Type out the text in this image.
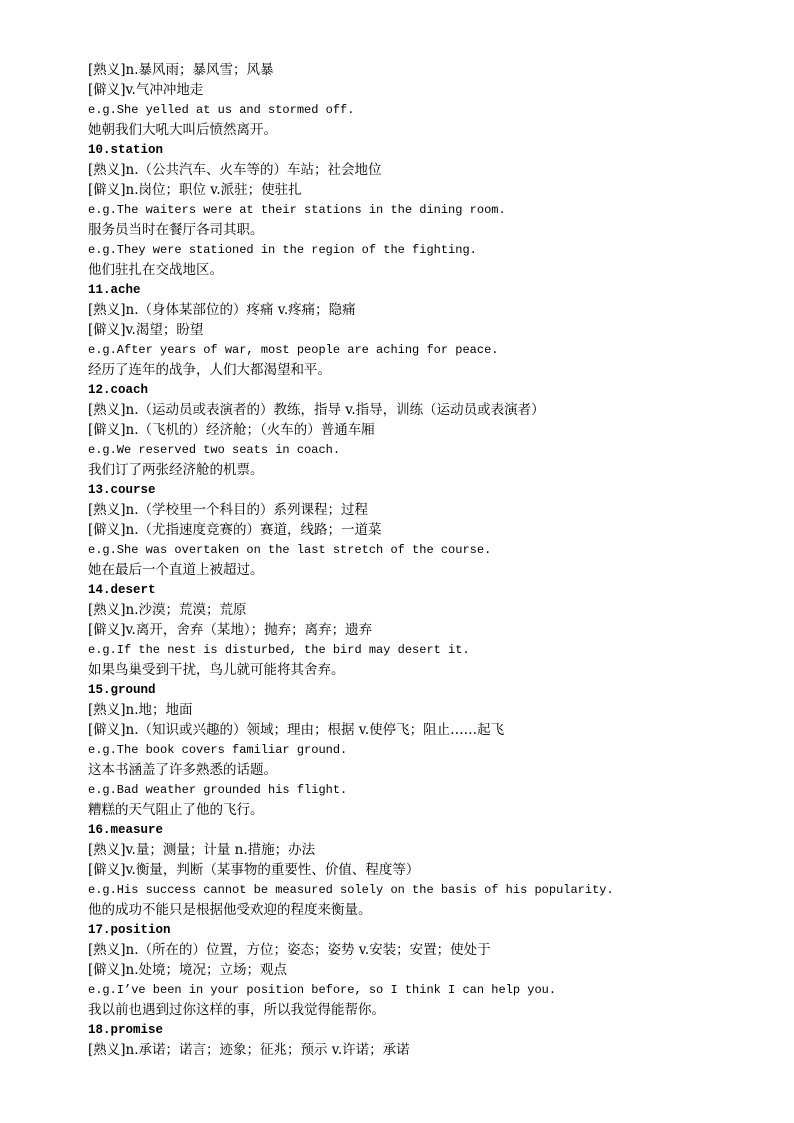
[熟义]n.暴风雨；暴风雪；风暴
[僻义]v.气冲冲地走
e.g.She yelled at us and stormed off.
她朝我们大吼大叫后愤然离开。
10.station
[熟义]n.（公共汽车、火车等的）车站；社会地位
[僻义]n.岗位；职位 v.派驻；使驻扎
e.g.The waiters were at their stations in the dining room.
服务员当时在餐厅各司其职。
e.g.They were stationed in the region of the fighting.
他们驻扎在交战地区。
11.ache
[熟义]n.（身体某部位的）疼痛 v.疼痛；隐痛
[僻义]v.渴望；盼望
e.g.After years of war, most people are aching for peace.
经历了连年的战争，人们大都渴望和平。
12.coach
[熟义]n.（运动员或表演者的）教练，指导 v.指导，训练（运动员或表演者）
[僻义]n.（飞机的）经济舱；（火车的）普通车厢
e.g.We reserved two seats in coach.
我们订了两张经济舱的机票。
13.course
[熟义]n.（学校里一个科目的）系列课程；过程
[僻义]n.（尤指速度竞赛的）赛道，线路；一道菜
e.g.She was overtaken on the last stretch of the course.
她在最后一个直道上被超过。
14.desert
[熟义]n.沙漠；荒漠；荒原
[僻义]v.离开，舍弃（某地）；抛弃；离弃；遗弃
e.g.If the nest is disturbed, the bird may desert it.
如果鸟巢受到干扰，鸟儿就可能将其舍弃。
15.ground
[熟义]n.地；地面
[僻义]n.（知识或兴趣的）领域；理由；根据 v.使停飞；阻止……起飞
e.g.The book covers familiar ground.
这本书涵盖了许多熟悉的话题。
e.g.Bad weather grounded his flight.
糟糕的天气阻止了他的飞行。
16.measure
[熟义]v.量；测量；计量 n.措施；办法
[僻义]v.衡量，判断（某事物的重要性、价值、程度等）
e.g.His success cannot be measured solely on the basis of his popularity.
他的成功不能只是根据他受欢迎的程度来衡量。
17.position
[熟义]n.（所在的）位置，方位；姿态；姿势 v.安装；安置；使处于
[僻义]n.处境；境况；立场；观点
e.g.I’ve been in your position before, so I think I can help you.
我以前也遇到过你这样的事，所以我觉得能帮你。
18.promise
[熟义]n.承诺；诺言；迹象；征兆；预示 v.许诺；承诺
